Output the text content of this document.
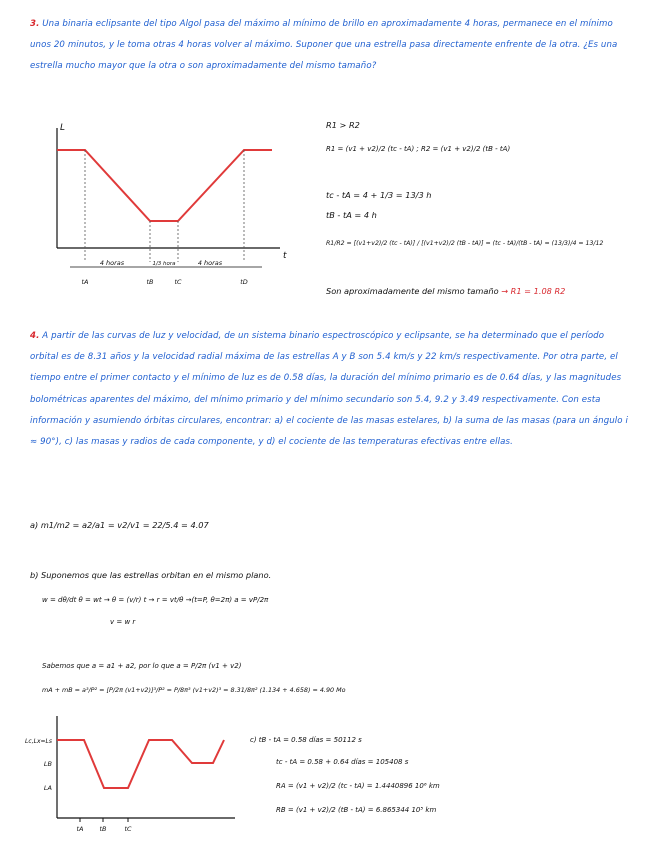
3. Una binaria eclipsante del tipo Algol pasa del máximo al mínimo de brillo en aproximadamente 4 horas, permanece en el mínimo unos 20 minutos, y le toma otras 4 horas volver al máximo. Suponer que una estrella pasa directamente enfrente de la otra. ¿Es una estrella mucho mayor que la otra o son aproximadamente del mismo tamaño?
L
t
4 horas	1/3 hora	4 horas
tA	tB	tC	tD
R1 > R2
R1 = (v1 + v2)/2 (tc - tA) ; R2 = (v1 + v2)/2 (tB - tA)
tc - tA = 4 + 1/3 = 13/3 h
tB - tA = 4 h
R1/R2 = [(v1+v2)/2 (tc - tA)] / [(v1+v2)/2 (tB - tA)] = (tc - tA)/(tB - tA) = (13/3)/4 = 13/12
Son aproximadamente del mismo tamaño → R1 = 1.08 R2
4. A partir de las curvas de luz y velocidad, de un sistema binario espectroscópico y eclipsante, se ha determinado que el período orbital es de 8.31 años y la velocidad radial máxima de las estrellas A y B son 5.4 km/s y 22 km/s respectivamente. Por otra parte, el tiempo entre el primer contacto y el mínimo de luz es de 0.58 días, la duración del mínimo primario es de 0.64 días, y las magnitudes bolométricas aparentes del máximo, del mínimo primario y del mínimo secundario son 5.4, 9.2 y 3.49 respectivamente. Con esta información y asumiendo órbitas circulares, encontrar: a) el cociente de las masas estelares, b) la suma de las masas (para un ángulo i ≈ 90°), c) las masas y radios de cada componente, y d) el cociente de las temperaturas efectivas entre ellas.
a) m1/m2 = a2/a1 = v2/v1 = 22/5.4 = 4.07
b) Suponemos que las estrellas orbitan en el mismo plano.
w = dθ/dt θ = wt → θ = (v/r) t → r = vt/θ →(t=P, θ=2π) a = vP/2π
v = w r
Sabemos que a = a1 + a2, por lo que a = P/2π (v1 + v2)
mA + mB = a³/P² = [P/2π (v1+v2)]³/P² = P/8π³ (v1+v2)³ = 8.31/8π² (1.134 + 4.658) = 4.90 Mo
Lc,Lx=Ls
LB
LA
tA tB	tC
c) tB - tA = 0.58 días = 50112 s
tc - tA = 0.58 + 0.64 días = 105408 s
RA = (v1 + v2)/2 (tc - tA) = 1.4440896 10⁶ km
RB = (v1 + v2)/2 (tB - tA) = 6.865344 10⁵ km
